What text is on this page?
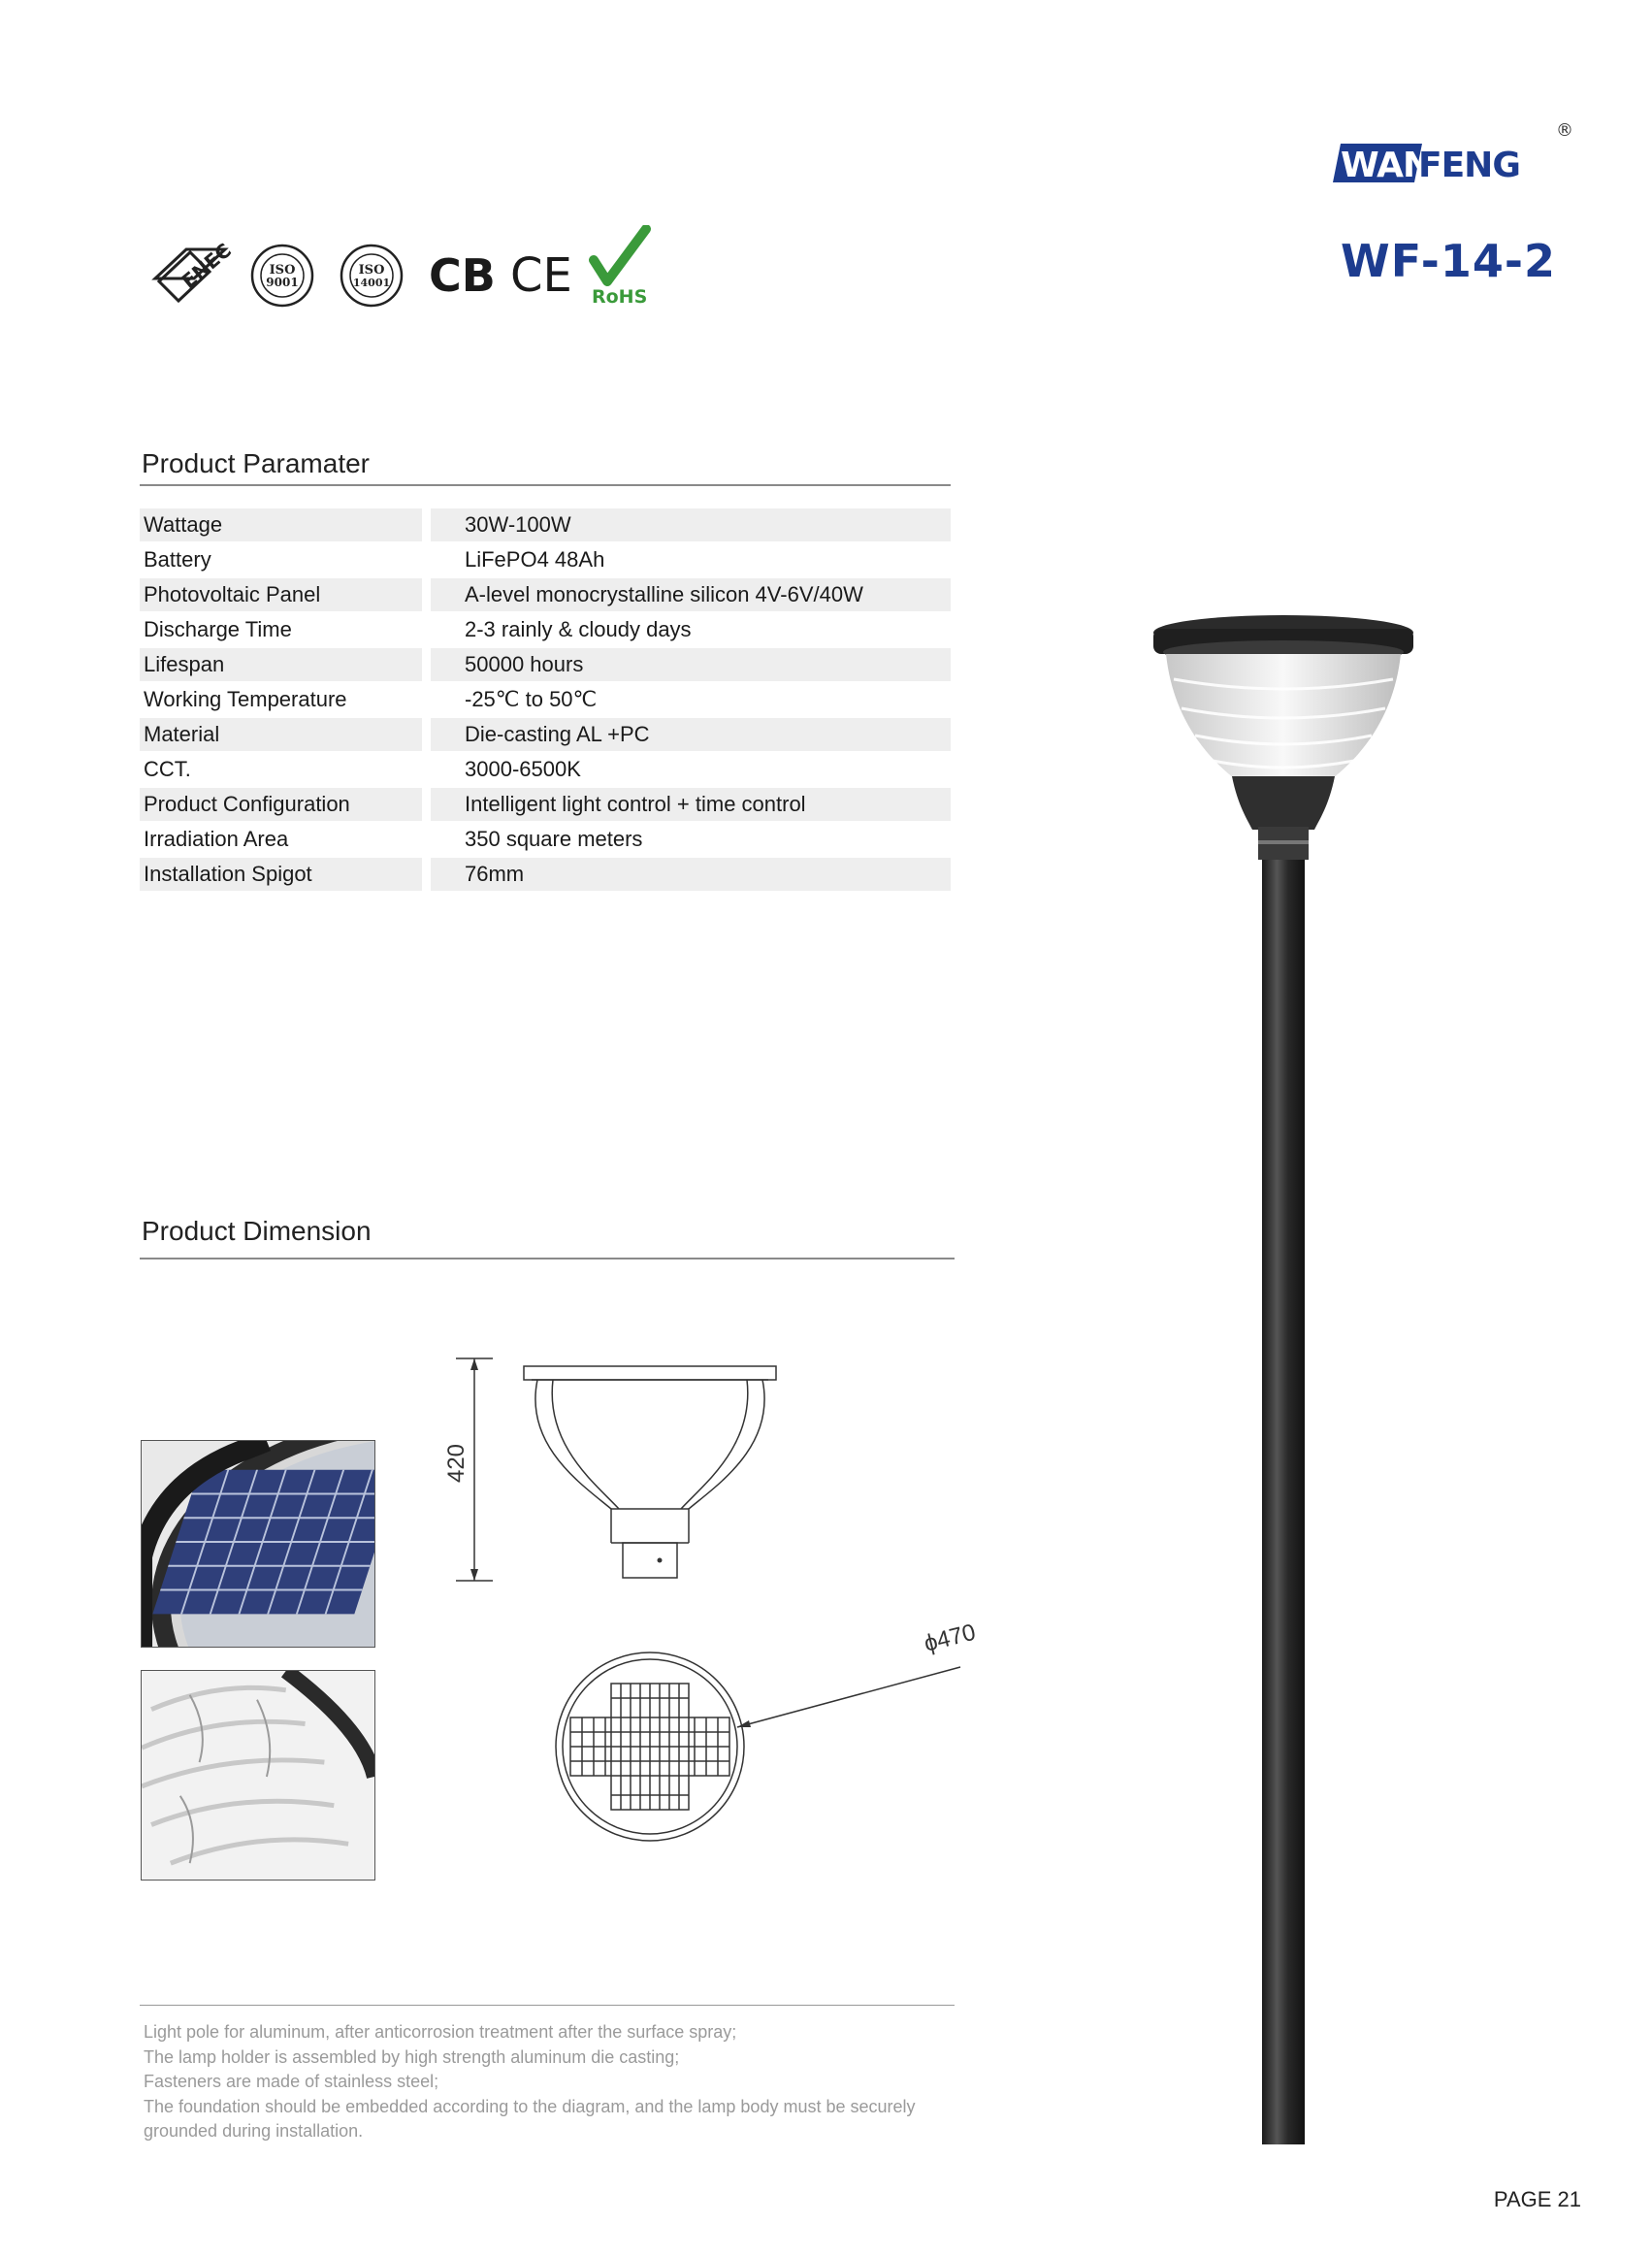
WAN
FENG
®
WF-14-2
ENEC	ISO
9001
ISO
14001 CB CE RoHS
Product Paramater
Wattage	30W-100W
Battery	LiFePO4 48Ah
Photovoltaic Panel	A-level monocrystalline silicon 4V-6V/40W
Discharge Time	2-3 rainly & cloudy days
Lifespan	50000 hours
Working Temperature	-25℃ to 50℃
Material	Die-casting AL +PC
CCT.	3000-6500K
Product Configuration	Intelligent light control + time control
Irradiation Area	350 square meters
Installation Spigot	76mm
Product Dimension
420
ϕ470
Light pole for aluminum, after anticorrosion treatment after the surface spray;
The lamp holder is assembled by high strength aluminum die casting;
Fasteners are made of stainless steel;
The foundation should be embedded according to the diagram, and the lamp body must be securely
grounded during installation.
PAGE 21
